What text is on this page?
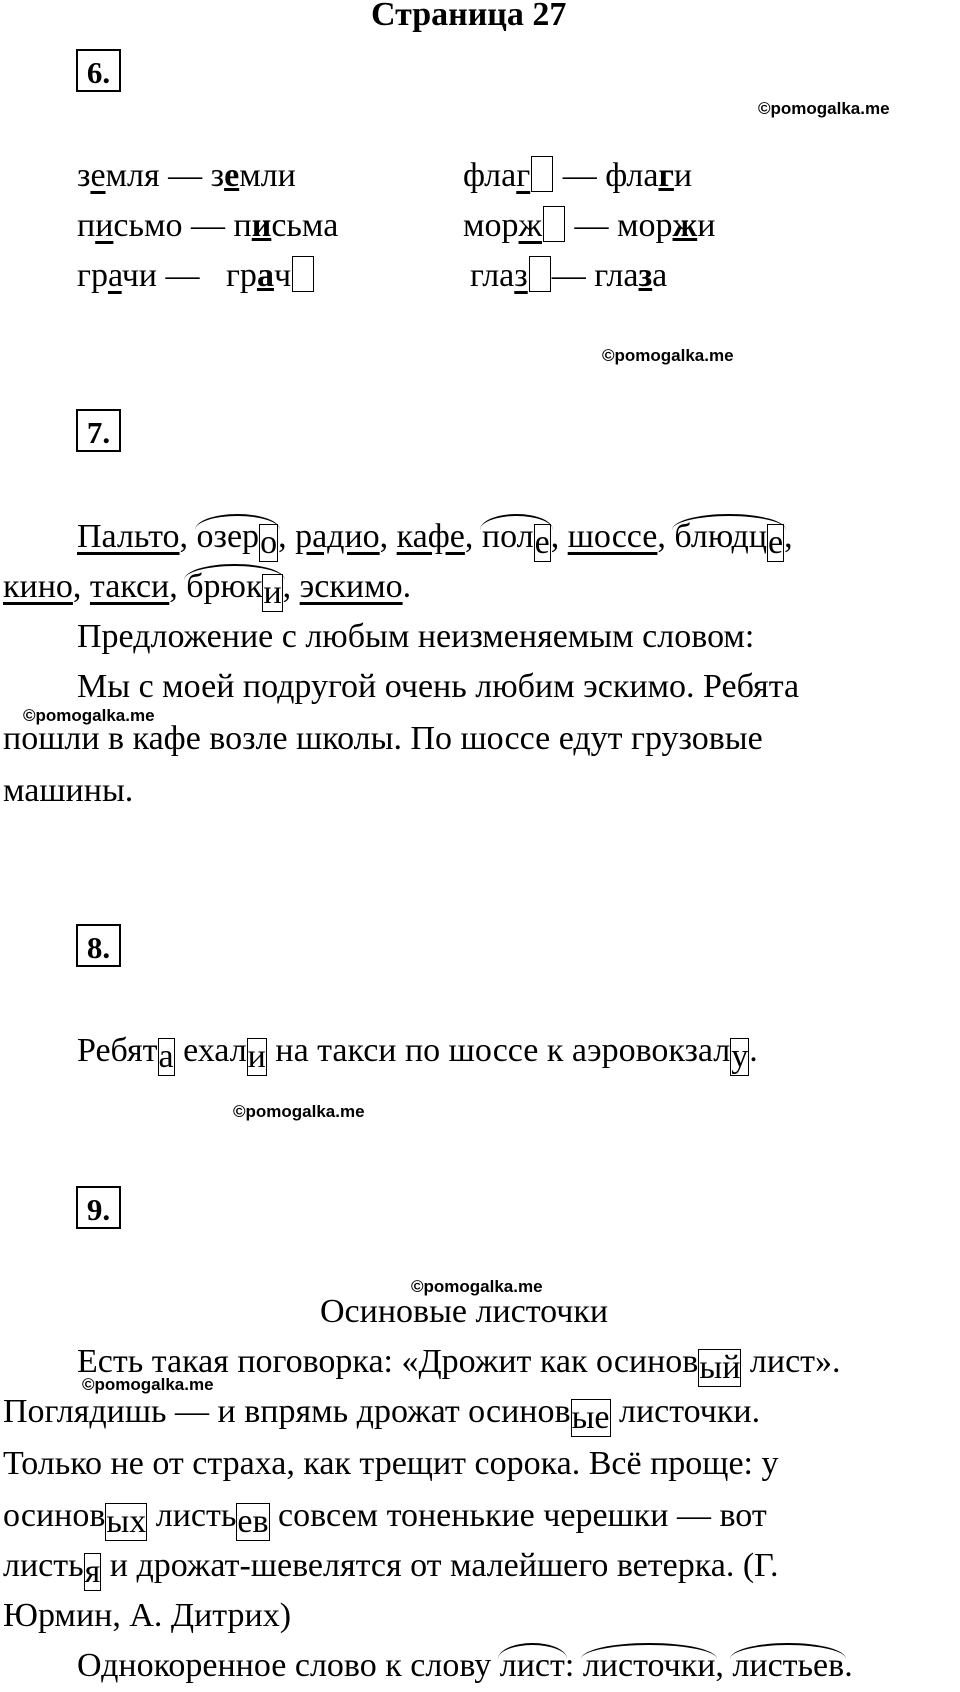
Страница 27
6.
©pomogalka.me
земля — земли	флаг — флаги
письмо — письма	морж — моржи
грачи — грач	глаз — глаза
©pomogalka.me
7.
Пальто, озеро, радио, кафе, поле, шоссе, блюдце,
кино, такси, брюки, эскимо.
Предложение с любым неизменяемым словом:
Мы с моей подругой очень любим эскимо. Ребята
©pomogalka.me
пошли в кафе возле школы. По шоссе едут грузовые
машины.
8.
Ребята ехали на такси по шоссе к аэровокзалу.
©pomogalka.me
9.
©pomogalka.me
Осиновые листочки
Есть такая поговорка: «Дрожит как осиновый лист».
©pomogalka.me
Поглядишь — и впрямь дрожат осиновые листочки.
Только не от страха, как трещит сорока. Всё проще: у
осиновых листьев совсем тоненькие черешки — вот
листья и дрожат-шевелятся от малейшего ветерка. (Г.
Юрмин, А. Дитрих)
Однокоренное слово к слову лист: листочки, листьев.
